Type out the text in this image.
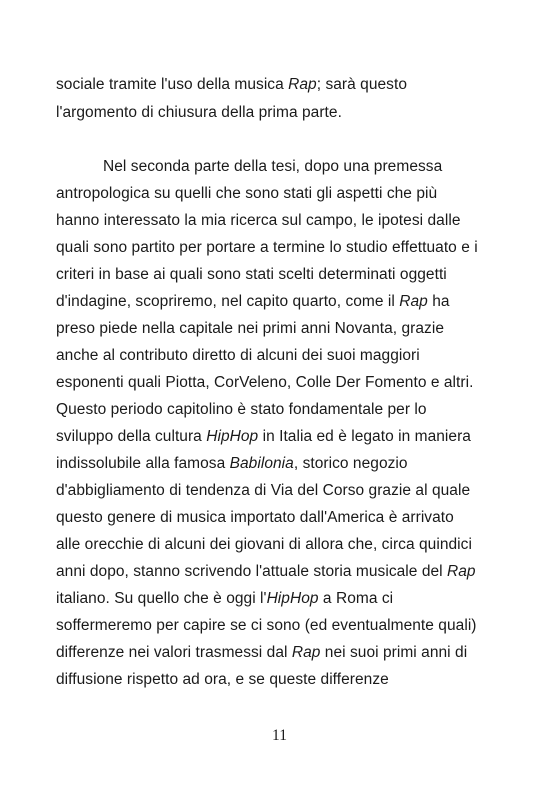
sociale tramite l'uso della musica Rap; sarà questo
l'argomento di chiusura della prima parte.
Nel seconda parte della tesi, dopo una premessa
antropologica su quelli che sono stati gli aspetti che più
hanno interessato la mia ricerca sul campo, le ipotesi dalle
quali sono partito per portare a termine lo studio effettuato e i
criteri in base ai quali sono stati scelti determinati oggetti
d'indagine, scopriremo, nel capito quarto, come il Rap ha
preso piede nella capitale nei primi anni Novanta, grazie
anche al contributo diretto di alcuni dei suoi maggiori
esponenti quali Piotta, CorVeleno, Colle Der Fomento e altri.
Questo periodo capitolino è stato fondamentale per lo
sviluppo della cultura HipHop in Italia ed è legato in maniera
indissolubile alla famosa Babilonia, storico negozio
d'abbigliamento di tendenza di Via del Corso grazie al quale
questo genere di musica importato dall'America è arrivato
alle orecchie di alcuni dei giovani di allora che, circa quindici
anni dopo, stanno scrivendo l'attuale storia musicale del Rap
italiano. Su quello che è oggi l'HipHop a Roma ci
soffermeremo per capire se ci sono (ed eventualmente quali)
differenze nei valori trasmessi dal Rap nei suoi primi anni di
diffusione rispetto ad ora, e se queste differenze
11
